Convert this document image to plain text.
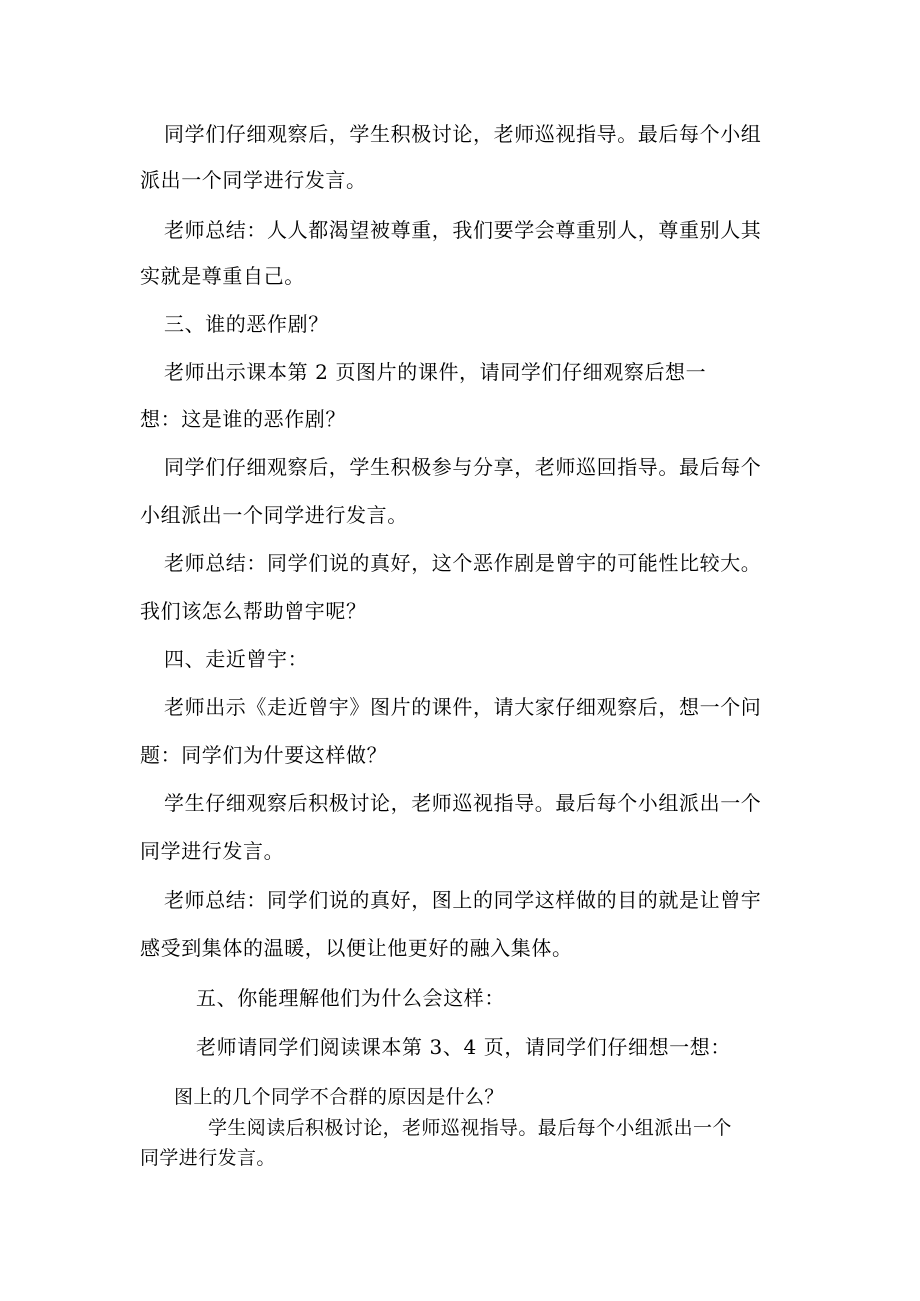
同学们仔细观察后，学生积极讨论，老师巡视指导。最后每个小组

派出一个同学进行发言。

老师总结：人人都渴望被尊重，我们要学会尊重别人，尊重别人其

实就是尊重自己。

三、谁的恶作剧？

老师出示课本第 2 页图片的课件，请同学们仔细观察后想一

想：这是谁的恶作剧？

同学们仔细观察后，学生积极参与分享，老师巡回指导。最后每个

小组派出一个同学进行发言。

老师总结：同学们说的真好，这个恶作剧是曾宇的可能性比较大。

我们该怎么帮助曾宇呢？

四、走近曾宇：

老师出示《走近曾宇》图片的课件，请大家仔细观察后，想一个问

题：同学们为什要这样做？

学生仔细观察后积极讨论，老师巡视指导。最后每个小组派出一个

同学进行发言。

老师总结：同学们说的真好，图上的同学这样做的目的就是让曾宇

感受到集体的温暖，以便让他更好的融入集体。

五、你能理解他们为什么会这样：

老师请同学们阅读课本第 3、4 页，请同学们仔细想一想：

图上的几个同学不合群的原因是什么？

学生阅读后积极讨论，老师巡视指导。最后每个小组派出一个

同学进行发言。
